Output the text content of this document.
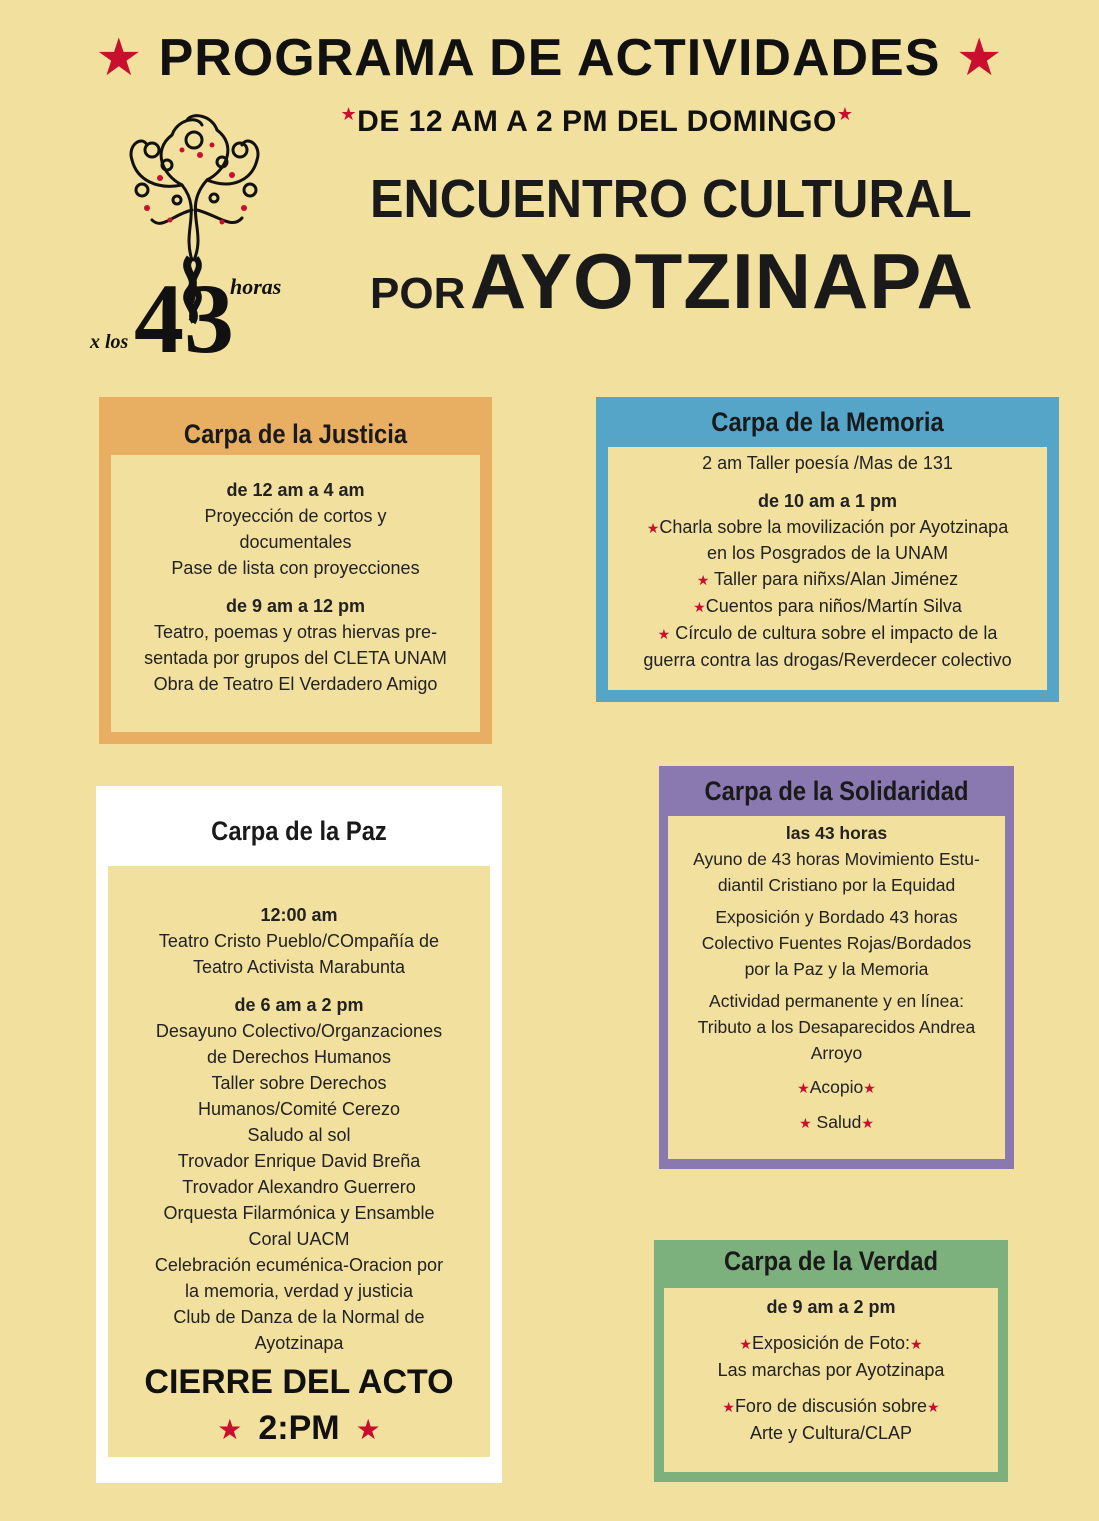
★ PROGRAMA DE ACTIVIDADES ★
★DE 12 AM A 2 PM DEL DOMINGO★
ENCUENTRO CULTURAL
POR AYOTZINAPA
x los 43
horas
Carpa de la Justicia
de 12 am a 4 am
Proyección de cortos y
documentales
Pase de lista con proyecciones
de 9 am a 12 pm
Teatro, poemas y otras hiervas pre-
sentada por grupos del CLETA UNAM
Obra de Teatro El Verdadero Amigo
Carpa de la Memoria
2 am Taller poesía /Mas de 131
de 10 am a 1 pm
★Charla sobre la movilización por Ayotzinapa
en los Posgrados de la UNAM
★ Taller para niñxs/Alan Jiménez
★Cuentos para niños/Martín Silva
★ Círculo de cultura sobre el impacto de la
guerra contra las drogas/Reverdecer colectivo
Carpa de la Solidaridad
las 43 horas
Ayuno de 43 horas Movimiento Estu-
diantil Cristiano por la Equidad
Exposición y Bordado 43 horas
Colectivo Fuentes Rojas/Bordados
por la Paz y la Memoria
Actividad permanente y en línea:
Tributo a los Desaparecidos Andrea
Arroyo
★Acopio★
★ Salud★
Carpa de la Paz
12:00 am
Teatro Cristo Pueblo/COmpañía de
Teatro Activista Marabunta
de 6 am a 2 pm
Desayuno Colectivo/Organzaciones
de Derechos Humanos
Taller sobre Derechos
Humanos/Comité Cerezo
Saludo al sol
Trovador Enrique David Breña
Trovador Alexandro Guerrero
Orquesta Filarmónica y Ensamble
Coral UACM
Celebración ecuménica-Oracion por
la memoria, verdad y justicia
Club de Danza de la Normal de
Ayotzinapa
CIERRE DEL ACTO
★ 2:PM ★
Carpa de la Verdad
de 9 am a 2 pm
★Exposición de Foto:★
Las marchas por Ayotzinapa
★Foro de discusión sobre★
Arte y Cultura/CLAP
